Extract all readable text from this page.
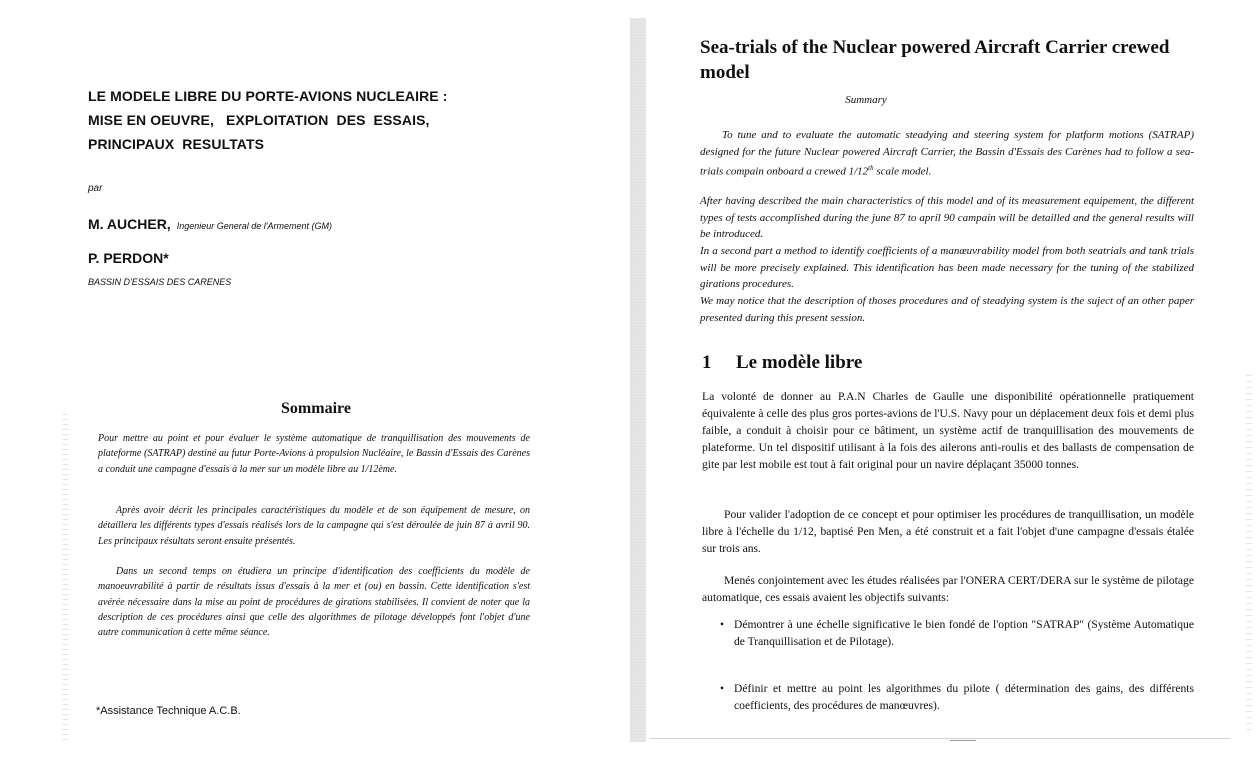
LE MODELE LIBRE DU PORTE-AVIONS NUCLEAIRE :
MISE EN OEUVRE,   EXPLOITATION  DES  ESSAIS,
PRINCIPAUX  RESULTATS
par
M. AUCHER, Ingenieur General de l'Armement (GM)
P. PERDON*
BASSIN D'ESSAIS DES CARENES
Sommaire

Pour mettre au point et pour évaluer le système automatique de tranquillisation des mouvements de plateforme (SATRAP) destiné au futur Porte-Avions à propulsion Nucléaire, le Bassin d'Essais des Carènes a conduit une campagne d'essais à la mer sur un modèle libre au 1/12ème.

Après avoir décrit les principales caractéristiques du modèle et de son équipement de mesure, on détaillera les différents types d'essais réalisés lors de la campagne qui s'est déroulée de juin 87 à avril 90. Les principaux résultats seront ensuite présentés.

Dans un second temps on étudiera un principe d'identification des coefficients du modèle de manoeuvrabilité à partir de résultats issus d'essais à la mer et (ou) en bassin. Cette identification s'est avérée nécessaire dans la mise au point de procédures de girations stabilisées. Il convient de noter que la description de ces procédures ainsi que celle des algorithmes de pilotage développés font l'objet d'une autre communication à cette même séance.

*Assistance Technique A.C.B.
Sea-trials of the Nuclear powered Aircraft Carrier crewed model
Summary

To tune and to evaluate the automatic steadying and steering system for platform motions (SATRAP) designed for the future Nuclear powered Aircraft Carrier, the Bassin d'Essais des Carènes had to follow a sea-trials compain onboard a crewed 1/12th scale model.

After having described the main characteristics of this model and of its measurement equipement, the different types of tests accomplished during the june 87 to april 90 campain will be detailled and the general results will be introduced.

In a second part a method to identify coefficients of a manœuvrability model from both seatrials and tank trials will be more precisely explained. This identification has been made necessary for the tuning of the stabilized girations procedures.

We may notice that the description of thoses procedures and of steadying system is the suject of an other paper presented during this present session.

1 Le modèle libre

La volonté de donner au P.A.N Charles de Gaulle une disponibilité opérationnelle pratiquement équivalente à celle des plus gros portes-avions de l'U.S. Navy pour un déplacement deux fois et demi plus faible, a conduit à choisir pour ce bâtiment, un système actif de tranquillisation des mouvements de plateforme. Un tel dispositif utilisant à la fois des ailerons anti-roulis et des ballasts de compensation de gite par lest mobile est tout à fait original pour un navire déplaçant 35000 tonnes.

Pour valider l'adoption de ce concept et pour optimiser les procédures de tranquillisation, un modèle libre à l'échelle du 1/12, baptisé Pen Men, a été construit et a fait l'objet d'une campagne d'essais étalée sur trois ans.

Menés conjointement avec les études réalisées par l'ONERA CERT/DERA sur le système de pilotage automatique, ces essais avaient les objectifs suivants:

• Démontrer à une échelle significative le bien fondé de l'option "SATRAP" (Système Automatique de Tranquillisation et de Pilotage).
• Définir et mettre au point les algorithmes du pilote ( détermination des gains, des différents coefficients, des procédures de manœuvres).
